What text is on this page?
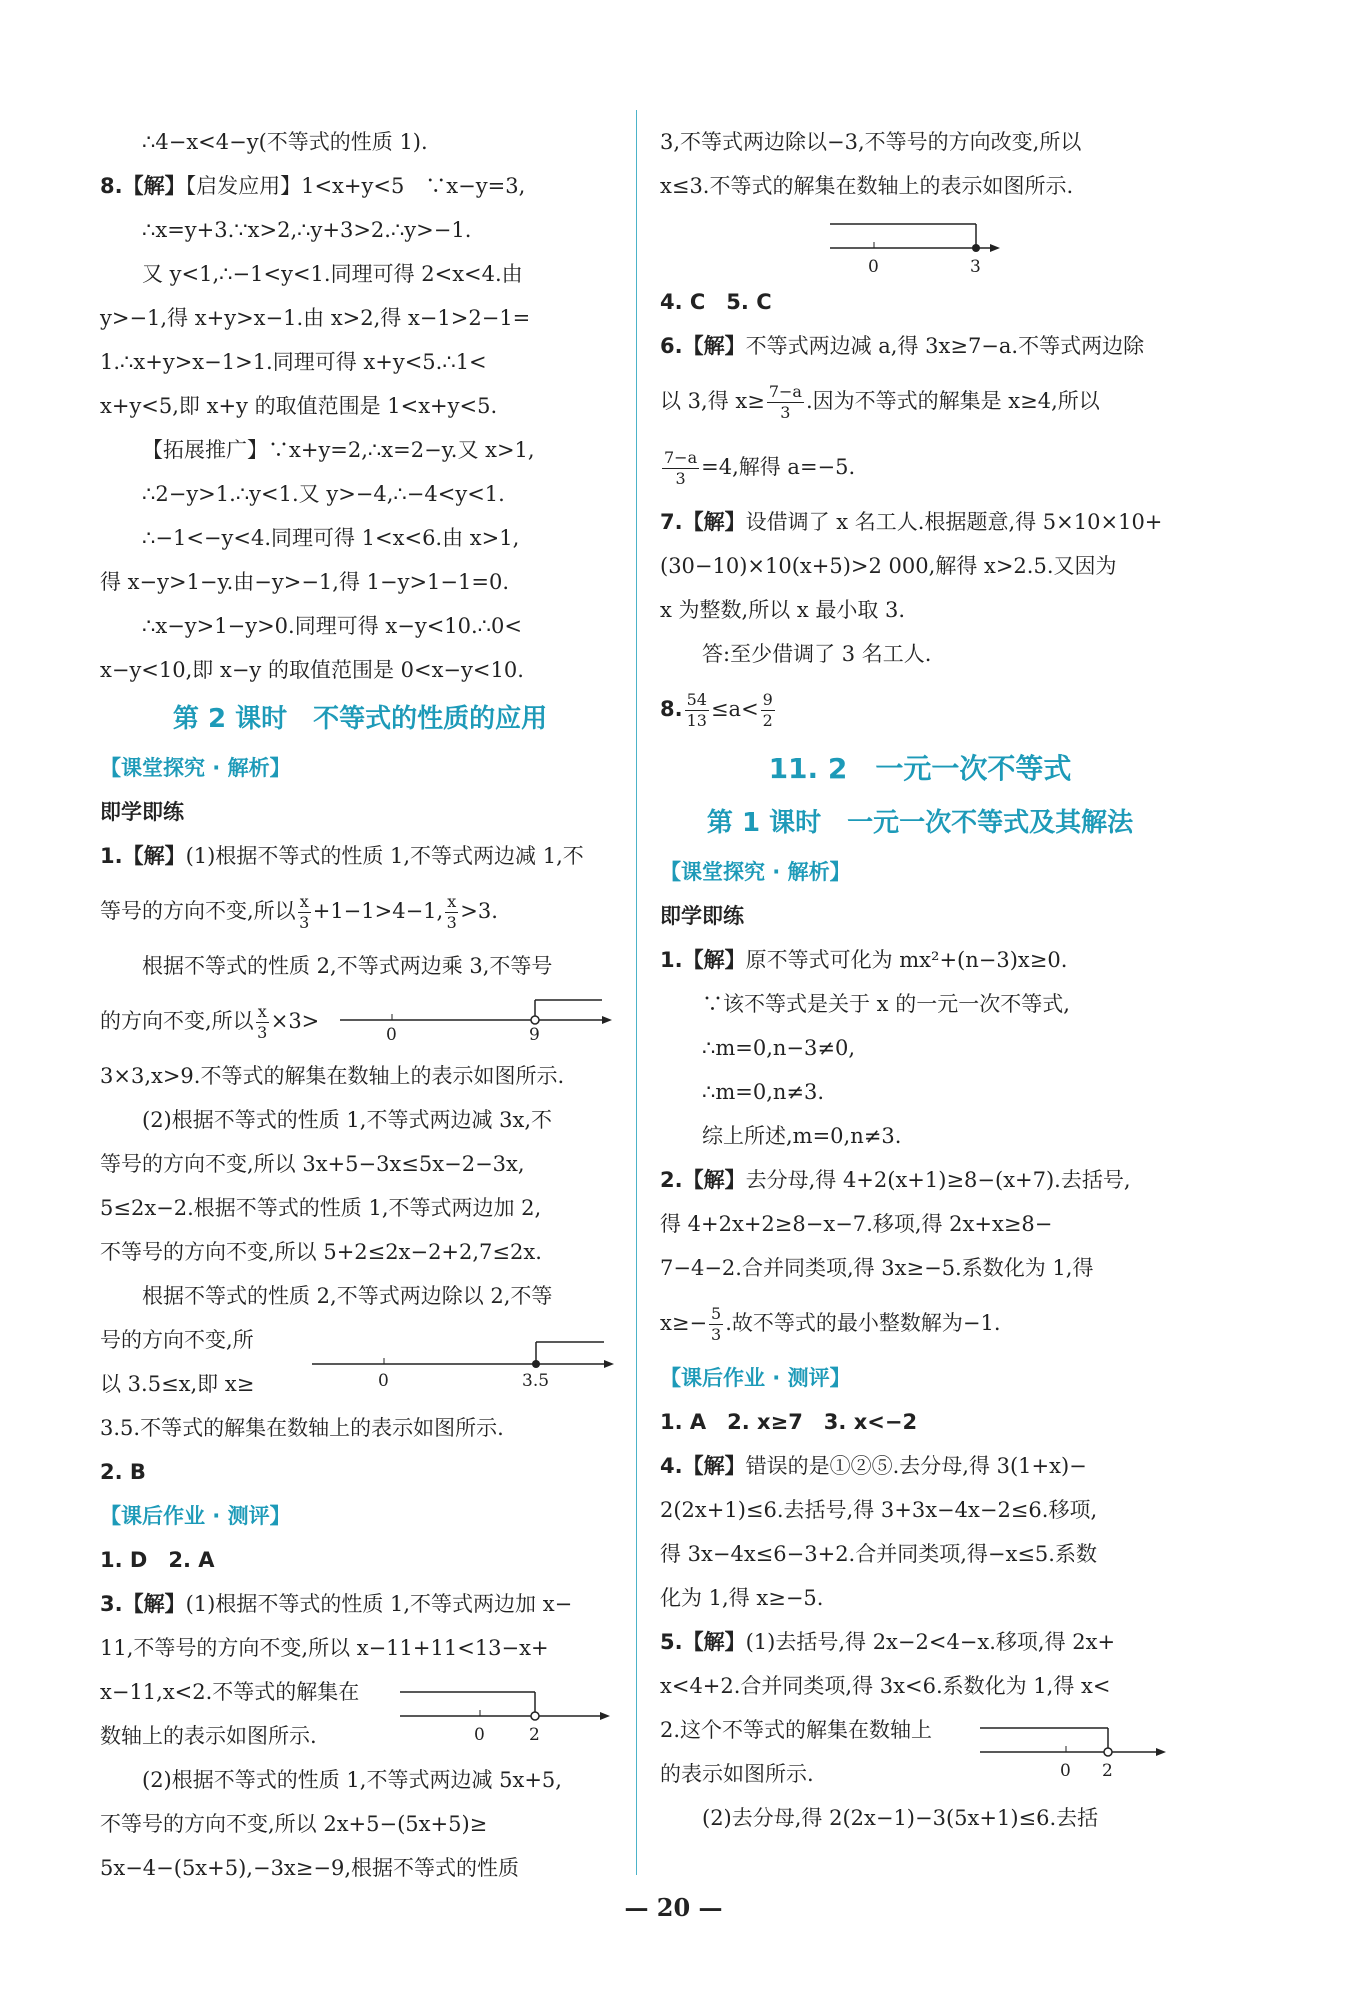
∴4−x<4−y(不等式的性质 1).
8.【解】【启发应用】1<x+y<5　∵x−y=3,
∴x=y+3.∵x>2,∴y+3>2.∴y>−1.
又 y<1,∴−1<y<1.同理可得 2<x<4.由
y>−1,得 x+y>x−1.由 x>2,得 x−1>2−1=
1.∴x+y>x−1>1.同理可得 x+y<5.∴1<
x+y<5,即 x+y 的取值范围是 1<x+y<5.
【拓展推广】∵x+y=2,∴x=2−y.又 x>1,
∴2−y>1.∴y<1.又 y>−4,∴−4<y<1.
∴−1<−y<4.同理可得 1<x<6.由 x>1,
得 x−y>1−y.由−y>−1,得 1−y>1−1=0.
∴x−y>1−y>0.同理可得 x−y<10.∴0<
x−y<10,即 x−y 的取值范围是 0<x−y<10.
第 2 课时　不等式的性质的应用
【课堂探究 · 解析】
即学即练
1.【解】(1)根据不等式的性质 1,不等式两边减 1,不
等号的方向不变,所以 $\frac{x}{3} +1-1>4-1$, $\frac{x}{3} >3$.
根据不等式的性质 2,不等式两边乘 3,不等号
的方向不变,所以 $\frac{x}{3} \times 3>$
0	9
3×3,x>9.不等式的解集在数轴上的表示如图所示.
(2)根据不等式的性质 1,不等式两边减 3x,不
等号的方向不变,所以 3x+5−3x≤5x−2−3x,
5≤2x−2.根据不等式的性质 1,不等式两边加 2,
不等号的方向不变,所以 5+2≤2x−2+2,7≤2x.
根据不等式的性质 2,不等式两边除以 2,不等
号的方向不变,所
以 3.5≤x,即 x≥	0	3.5
3.5.不等式的解集在数轴上的表示如图所示.
2. B
【课后作业 · 测评】
1. D　2. A
3.【解】(1)根据不等式的性质 1,不等式两边加 x−
11,不等号的方向不变,所以 x−11+11<13−x+
x−11,x<2.不等式的解集在
数轴上的表示如图所示.	0	2
(2)根据不等式的性质 1,不等式两边减 5x+5,
不等号的方向不变,所以 2x+5−(5x+5)≥
5x−4−(5x+5),−3x≥−9,根据不等式的性质
3,不等式两边除以−3,不等号的方向改变,所以
x≤3.不等式的解集在数轴上的表示如图所示.
0	3
4. C　5. C
6.【解】不等式两边减 a,得 3x≥7−a.不等式两边除
以 3,得 $x\ge \frac{7-a}{3}$ .因为不等式的解集是 x≥4,所以
$\frac{7-a}{3} =4$,解得 a=−5.
7.【解】设借调了 x 名工人.根据题意,得 5×10×10+
(30−10)×10(x+5)>2 000,解得 x>2.5.又因为
x 为整数,所以 x 最小取 3.
答:至少借调了 3 名工人.
8. $\frac{54}{13} \le a< \frac{9}{2}$
11. 2　一元一次不等式
第 1 课时　一元一次不等式及其解法
【课堂探究 · 解析】
即学即练
1.【解】原不等式可化为 mx²+(n−3)x≥0.
∵该不等式是关于 x 的一元一次不等式,
∴m=0,n−3≠0,
∴m=0,n≠3.
综上所述,m=0,n≠3.
2.【解】去分母,得 4+2(x+1)≥8−(x+7).去括号,
得 4+2x+2≥8−x−7.移项,得 2x+x≥8−
7−4−2.合并同类项,得 3x≥−5.系数化为 1,得
$x\ge- \frac{5}{3}$ .故不等式的最小整数解为−1.
【课后作业 · 测评】
1. A　2. x≥7　3. x<−2
4.【解】错误的是①②⑤.去分母,得 3(1+x)−
2(2x+1)≤6.去括号,得 3+3x−4x−2≤6.移项,
得 3x−4x≤6−3+2.合并同类项,得−x≤5.系数
化为 1,得 x≥−5.
5.【解】(1)去括号,得 2x−2<4−x.移项,得 2x+
x<4+2.合并同类项,得 3x<6.系数化为 1,得 x<
2.这个不等式的解集在数轴上
的表示如图所示.	0 2
(2)去分母,得 2(2x−1)−3(5x+1)≤6.去括
— 20 —
